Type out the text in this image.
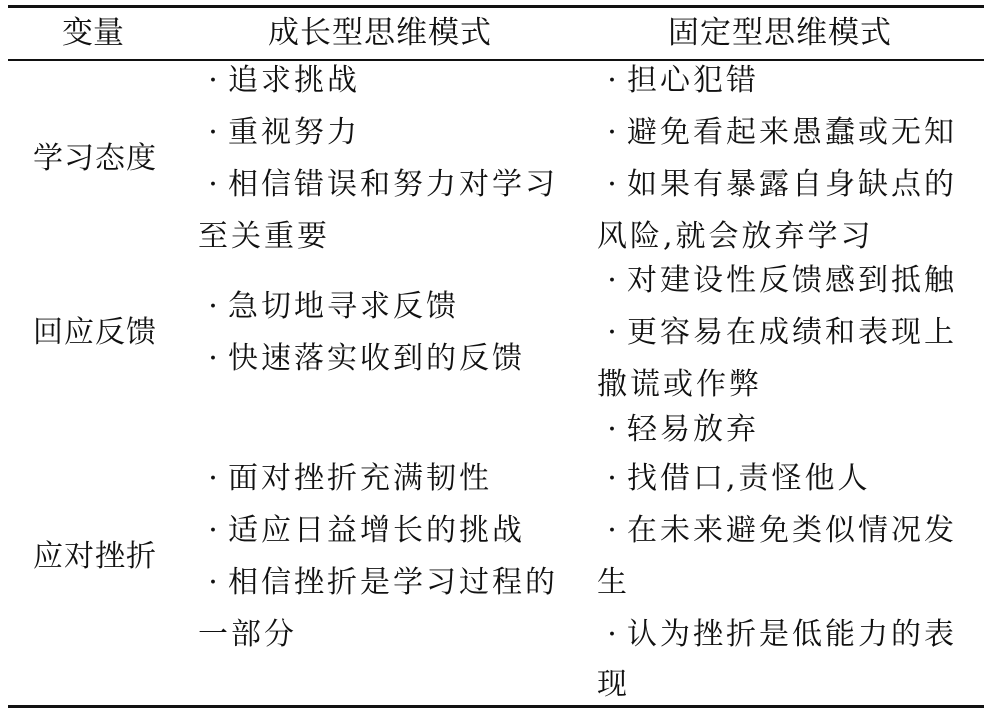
变量	成长型思维模式	固定型思维模式
学习态度
· 追求挑战
· 重视努力
· 相信错误和努力对学习
至关重要
· 担心犯错
· 避免看起来愚蠢或无知
· 如果有暴露自身缺点的
风险,就会放弃学习
回应反馈
· 急切地寻求反馈
· 快速落实收到的反馈
· 对建设性反馈感到抵触
· 更容易在成绩和表现上
撒谎或作弊
· 轻易放弃
应对挫折
· 面对挫折充满韧性
· 适应日益增长的挑战
· 相信挫折是学习过程的
一部分
· 找借口,责怪他人
· 在未来避免类似情况发
生
· 认为挫折是低能力的表
现
